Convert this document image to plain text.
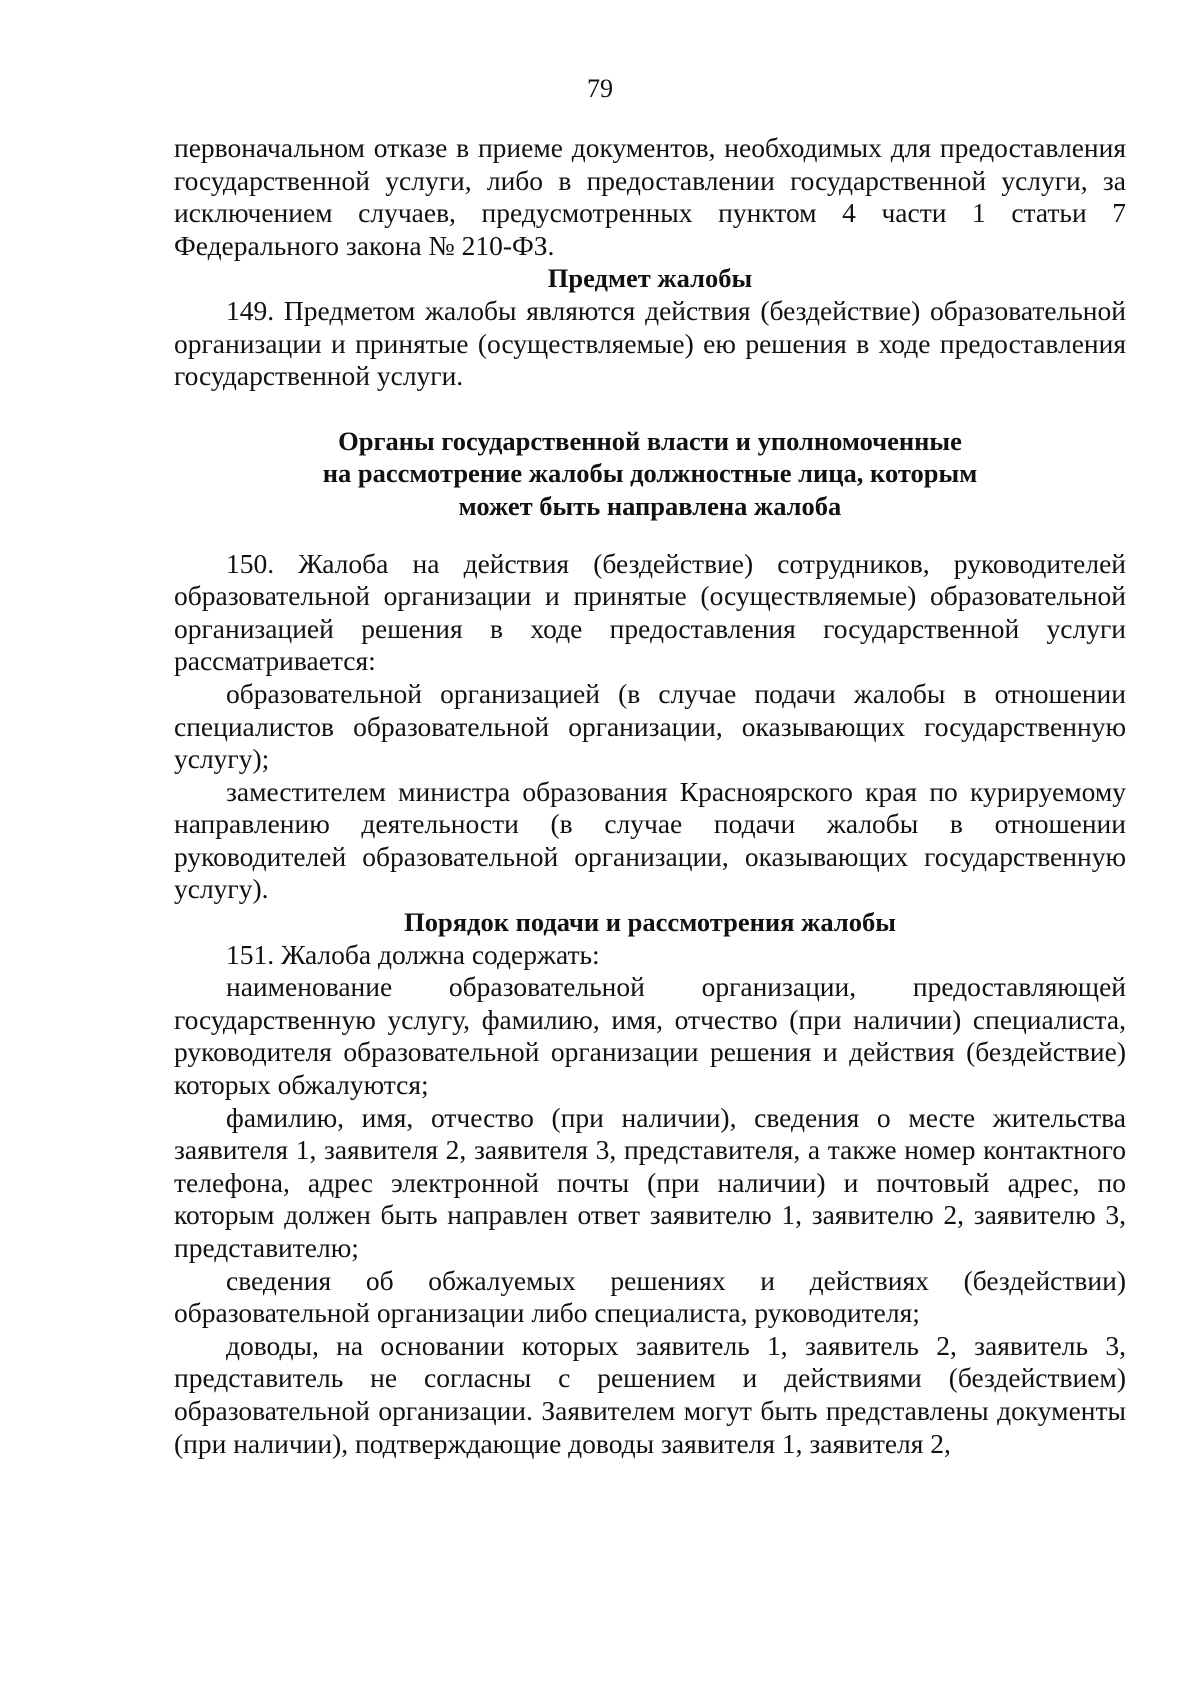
79

первоначальном отказе в приеме документов, необходимых для предоставления государственной услуги, либо в предоставлении государственной услуги, за исключением случаев, предусмотренных пунктом 4 части 1 статьи 7 Федерального закона № 210-ФЗ.

Предмет жалобы

149. Предметом жалобы являются действия (бездействие) образовательной организации и принятые (осуществляемые) ею решения в ходе предоставления государственной услуги.

Органы государственной власти и уполномоченные
на рассмотрение жалобы должностные лица, которым
может быть направлена жалоба

150. Жалоба на действия (бездействие) сотрудников, руководителей образовательной организации и принятые (осуществляемые) образовательной организацией решения в ходе предоставления государственной услуги рассматривается:

образовательной организацией (в случае подачи жалобы в отношении специалистов образовательной организации, оказывающих государственную услугу);

заместителем министра образования Красноярского края по курируемому направлению деятельности (в случае подачи жалобы в отношении руководителей образовательной организации, оказывающих государственную услугу).

Порядок подачи и рассмотрения жалобы

151. Жалоба должна содержать:

наименование образовательной организации, предоставляющей государственную услугу, фамилию, имя, отчество (при наличии) специалиста, руководителя образовательной организации решения и действия (бездействие) которых обжалуются;

фамилию, имя, отчество (при наличии), сведения о месте жительства заявителя 1, заявителя 2, заявителя 3, представителя, а также номер контактного телефона, адрес электронной почты (при наличии) и почтовый адрес, по которым должен быть направлен ответ заявителю 1, заявителю 2, заявителю 3, представителю;

сведения об обжалуемых решениях и действиях (бездействии) образовательной организации либо специалиста, руководителя;

доводы, на основании которых заявитель 1, заявитель 2, заявитель 3, представитель не согласны с решением и действиями (бездействием) образовательной организации. Заявителем могут быть представлены документы (при наличии), подтверждающие доводы заявителя 1, заявителя 2,
